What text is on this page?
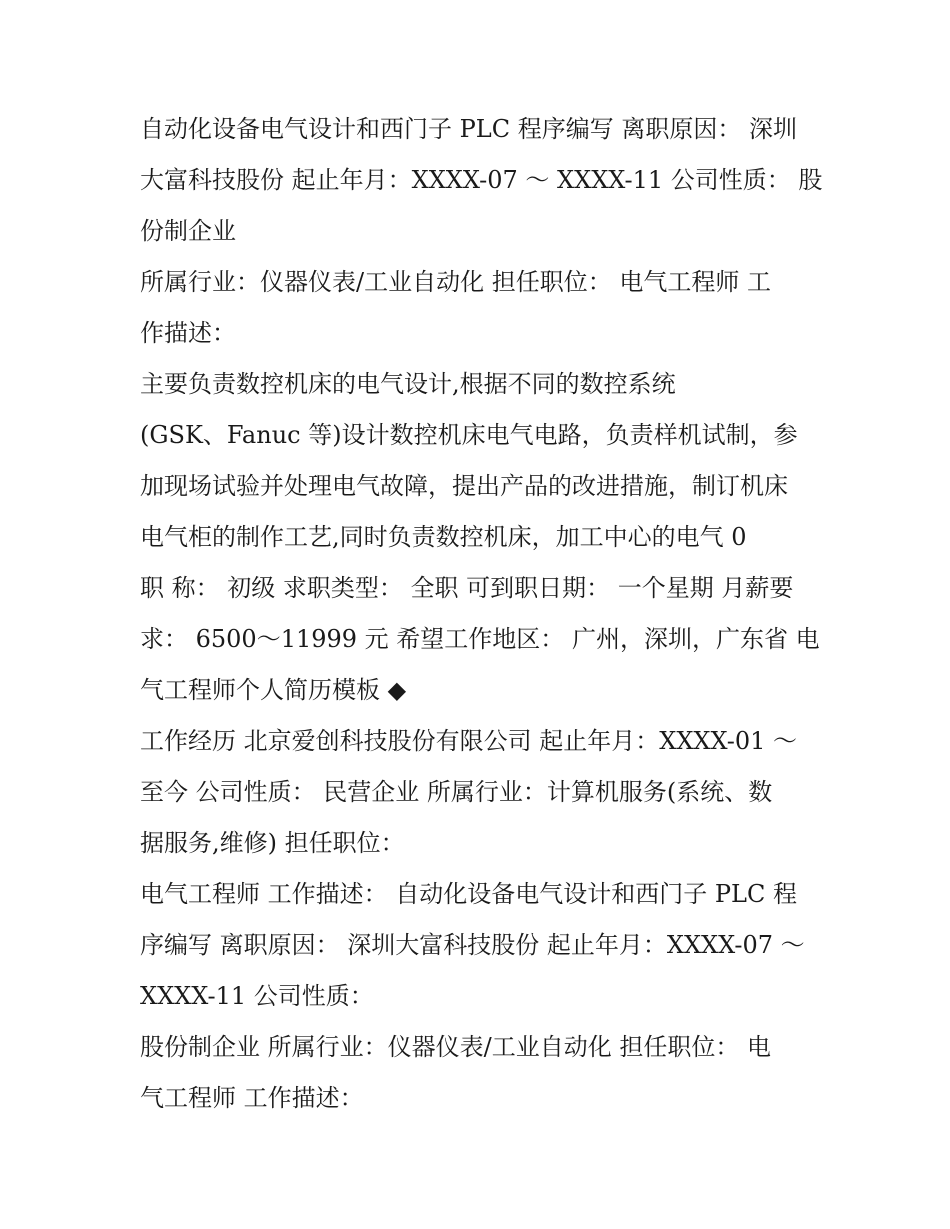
自动化设备电气设计和西门子 PLC 程序编写 离职原因： 深圳
大富科技股份 起止年月：XXXX-07 ～ XXXX-11 公司性质： 股
份制企业
所属行业：仪器仪表/工业自动化 担任职位： 电气工程师 工
作描述：
主要负责数控机床的电气设计,根据不同的数控系统
(GSK、Fanuc 等)设计数控机床电气电路，负责样机试制，参
加现场试验并处理电气故障，提出产品的改进措施，制订机床
电气柜的制作工艺,同时负责数控机床，加工中心的电气 0
职 称： 初级 求职类型： 全职 可到职日期： 一个星期 月薪要
求： 6500～11999 元 希望工作地区： 广州，深圳，广东省 电
气工程师个人简历模板 ◆
工作经历 北京爱创科技股份有限公司 起止年月：XXXX-01 ～
至今 公司性质： 民营企业 所属行业：计算机服务(系统、数
据服务,维修) 担任职位：
电气工程师 工作描述： 自动化设备电气设计和西门子 PLC 程
序编写 离职原因： 深圳大富科技股份 起止年月：XXXX-07 ～
XXXX-11 公司性质：
股份制企业 所属行业：仪器仪表/工业自动化 担任职位： 电
气工程师 工作描述：
